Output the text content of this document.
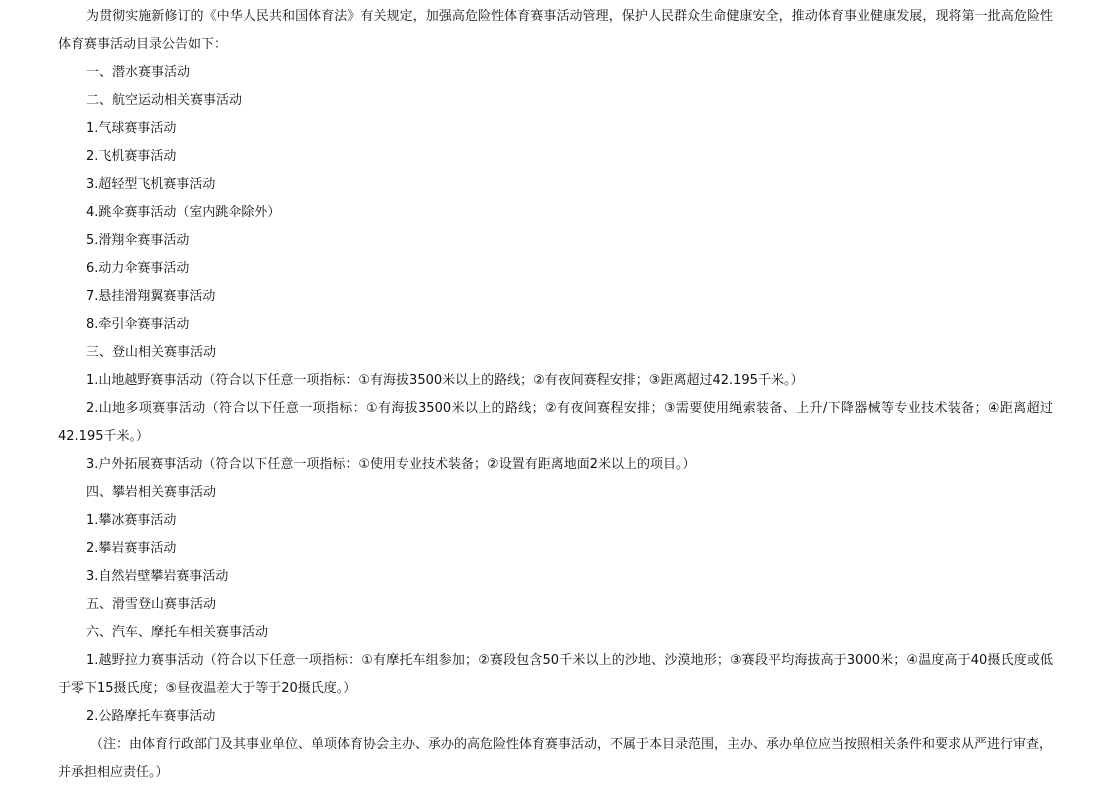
为贯彻实施新修订的《中华人民共和国体育法》有关规定，加强高危险性体育赛事活动管理，保护人民群众生命健康安全，推动体育事业健康发展，现将第一批高危险性体育赛事活动目录公告如下：

一、潜水赛事活动

二、航空运动相关赛事活动

1.气球赛事活动

2.飞机赛事活动

3.超轻型飞机赛事活动

4.跳伞赛事活动（室内跳伞除外）

5.滑翔伞赛事活动

6.动力伞赛事活动

7.悬挂滑翔翼赛事活动

8.牵引伞赛事活动

三、登山相关赛事活动

1.山地越野赛事活动（符合以下任意一项指标：①有海拔3500米以上的路线；②有夜间赛程安排；③距离超过42.195千米。）

2.山地多项赛事活动（符合以下任意一项指标：①有海拔3500米以上的路线；②有夜间赛程安排；③需要使用绳索装备、上升/下降器械等专业技术装备；④距离超过42.195千米。）

3.户外拓展赛事活动（符合以下任意一项指标：①使用专业技术装备；②设置有距离地面2米以上的项目。）

四、攀岩相关赛事活动

1.攀冰赛事活动

2.攀岩赛事活动

3.自然岩壁攀岩赛事活动

五、滑雪登山赛事活动

六、汽车、摩托车相关赛事活动

1.越野拉力赛事活动（符合以下任意一项指标：①有摩托车组参加；②赛段包含50千米以上的沙地、沙漠地形；③赛段平均海拔高于3000米；④温度高于40摄氏度或低于零下15摄氏度；⑤昼夜温差大于等于20摄氏度。）

2.公路摩托车赛事活动

（注：由体育行政部门及其事业单位、单项体育协会主办、承办的高危险性体育赛事活动，不属于本目录范围，主办、承办单位应当按照相关条件和要求从严进行审查，并承担相应责任。）
